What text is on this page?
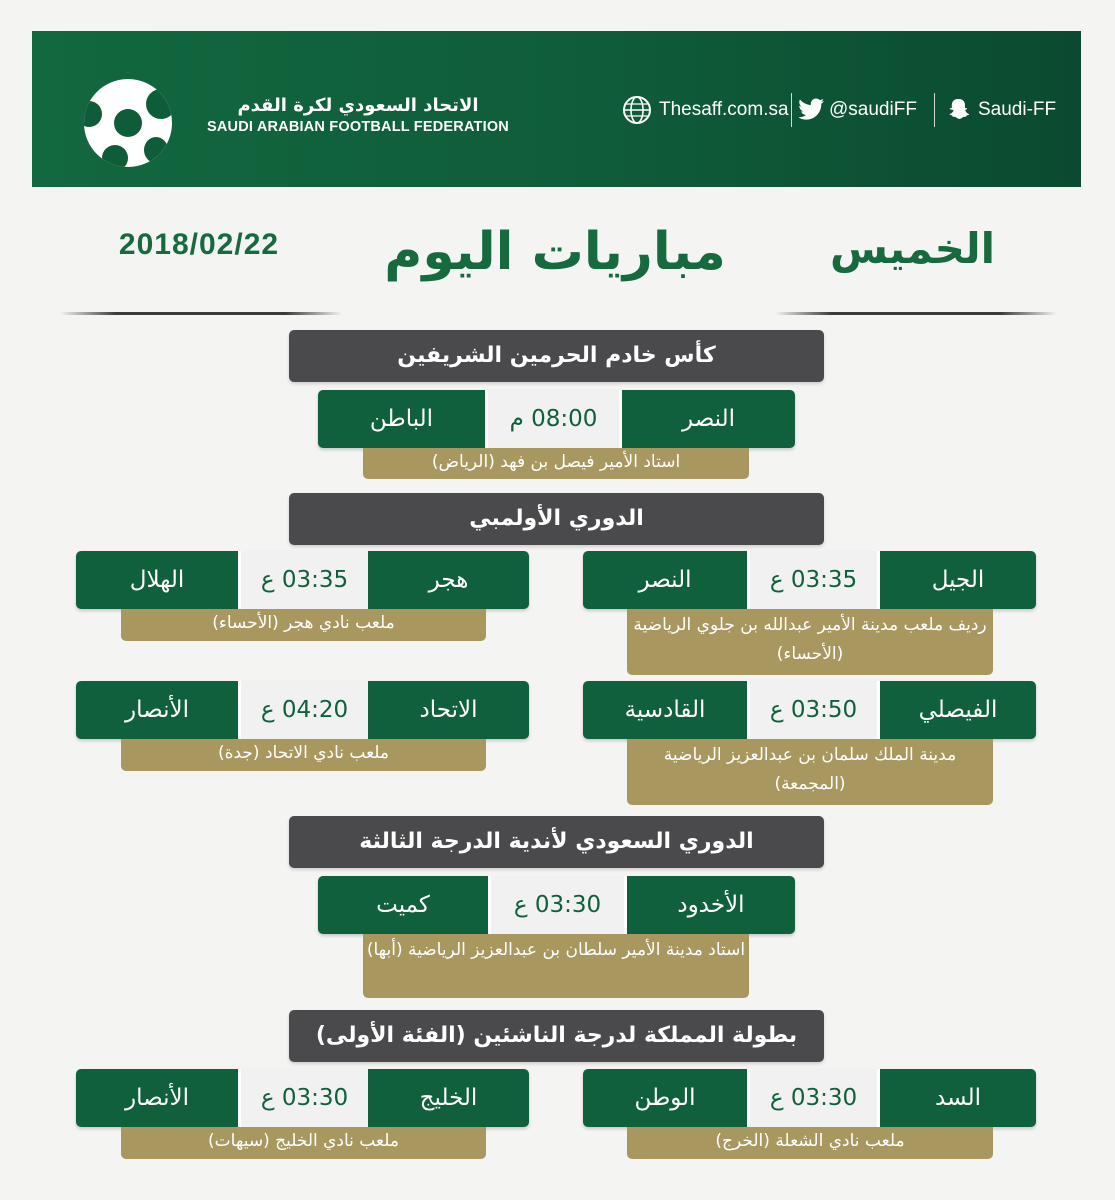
الاتحاد السعودي لكرة القدم
SAUDI ARABIAN FOOTBALL FEDERATION
Thesaff.com.sa @saudiFF	Saudi-FF
2018/02/22	مباريات اليوم	الخميس
كأس خادم الحرمين الشريفين
النصر
08:00 م
الباطن
استاد الأمير فيصل بن فهد (الرياض)
الدوري الأولمبي
الجيل
03:35 ع
النصر
رديف ملعب مدينة الأمير عبدالله بن جلوي الرياضية (الأحساء)
هجر
03:35 ع
الهلال
ملعب نادي هجر (الأحساء)
الفيصلي
03:50 ع
القادسية
مدينة الملك سلمان بن عبدالعزيز الرياضية (المجمعة)
الاتحاد
04:20 ع
الأنصار
ملعب نادي الاتحاد (جدة)
الدوري السعودي لأندية الدرجة الثالثة
الأخدود
03:30 ع
كميت
استاد مدينة الأمير سلطان بن عبدالعزيز الرياضية (أبها)
بطولة المملكة لدرجة الناشئين (الفئة الأولى)
السد
03:30 ع
الوطن
ملعب نادي الشعلة (الخرج)
الخليج
03:30 ع
الأنصار
ملعب نادي الخليج (سيهات)
